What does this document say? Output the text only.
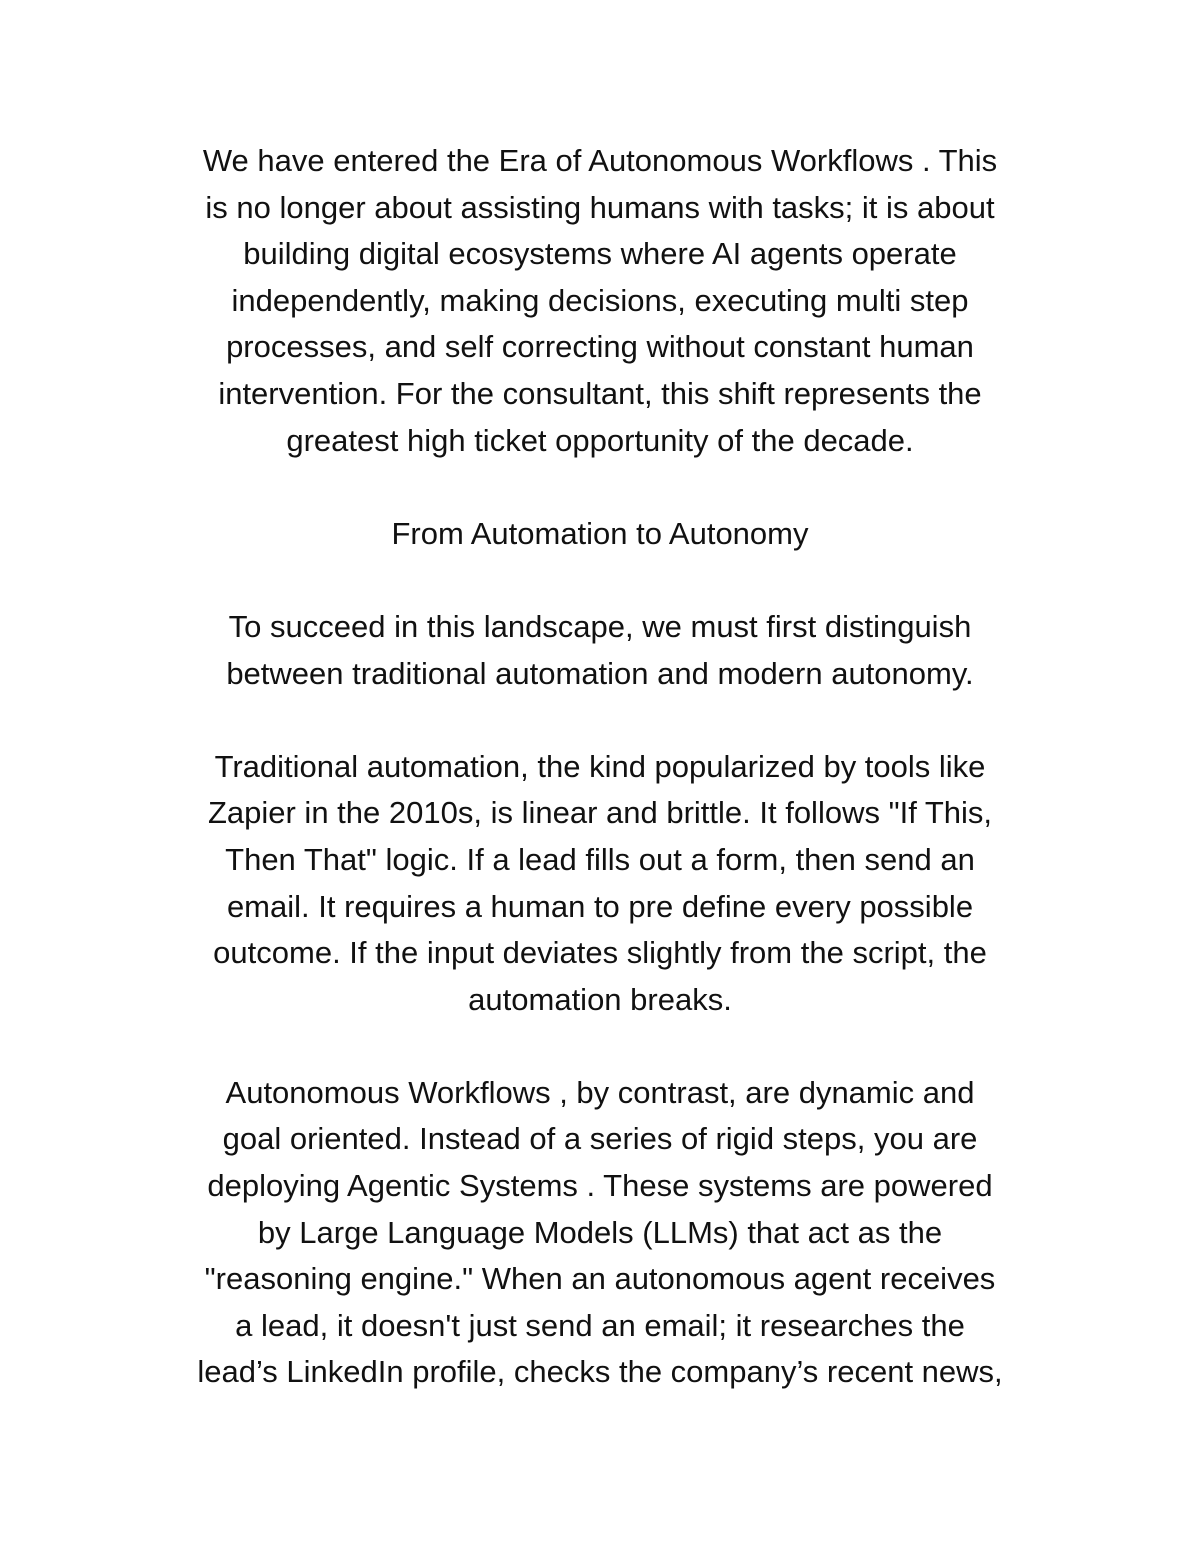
We have entered the Era of Autonomous Workflows . This
is no longer about assisting humans with tasks; it is about
building digital ecosystems where AI agents operate
independently, making decisions, executing multi step
processes, and self correcting without constant human
intervention. For the consultant, this shift represents the
greatest high ticket opportunity of the decade.

From Automation to Autonomy

To succeed in this landscape, we must first distinguish
between traditional automation and modern autonomy.

Traditional automation, the kind popularized by tools like
Zapier in the 2010s, is linear and brittle. It follows "If This,
Then That" logic. If a lead fills out a form, then send an
email. It requires a human to pre define every possible
outcome. If the input deviates slightly from the script, the
automation breaks.

Autonomous Workflows , by contrast, are dynamic and
goal oriented. Instead of a series of rigid steps, you are
deploying Agentic Systems . These systems are powered
by Large Language Models (LLMs) that act as the
"reasoning engine." When an autonomous agent receives
a lead, it doesn't just send an email; it researches the
lead’s LinkedIn profile, checks the company’s recent news,
